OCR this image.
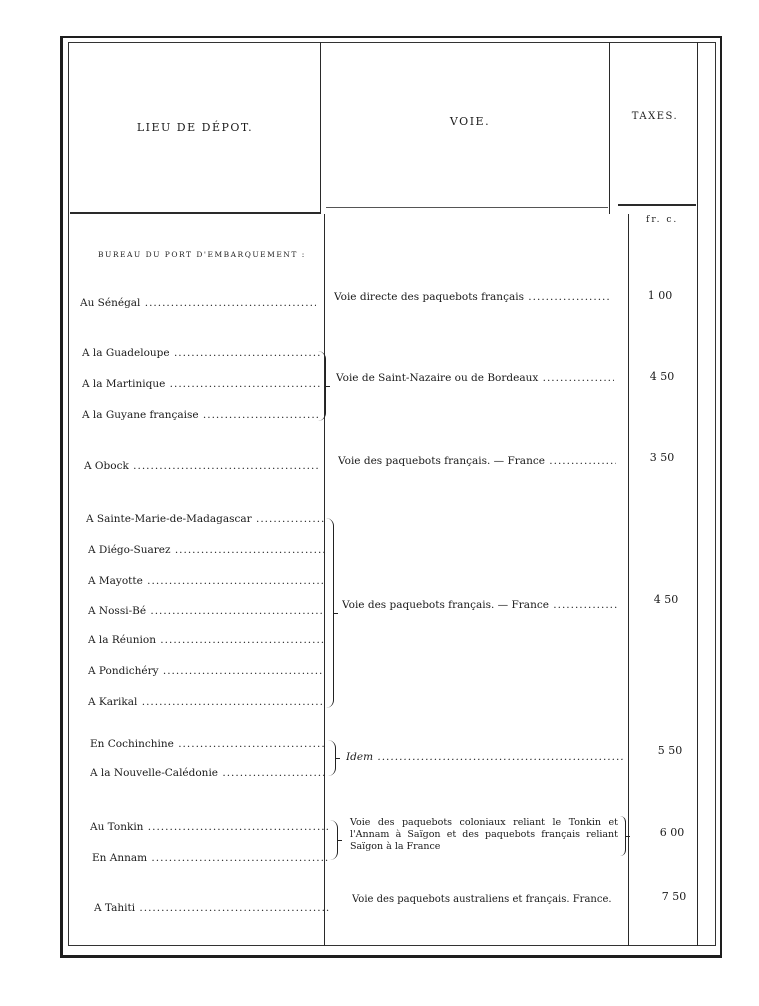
LIEU DE DÉPOT.	VOIE.	TAXES.
fr. c.
BUREAU DU PORT D'EMBARQUEMENT :
Au Sénégal .....
A la Guadeloupe .....
A la Martinique .....
A la Guyane française .....
A Obock .....
A Sainte-Marie-de-Madagascar .....
A Diégo-Suarez .....
A Mayotte .....
A Nossi-Bé .....
A la Réunion .....
A Pondichéry .....
A Karikal .....
En Cochinchine .....
A la Nouvelle-Calédonie .....
Au Tonkin .....
En Annam .....
A Tahiti .....
Voie directe des paquebots français .....
Voie de Saint-Nazaire ou de Bordeaux .....
Voie des paquebots français. — France .....
Voie des paquebots français. — France .....
Idem .....
Voie des paquebots coloniaux reliant le Tonkin et l'Annam à Saïgon et des paquebots français reliant Saïgon à la France
Voie des paquebots australiens et français. France.
1 00
4 50
3 50
4 50
5 50
6 00
7 50
